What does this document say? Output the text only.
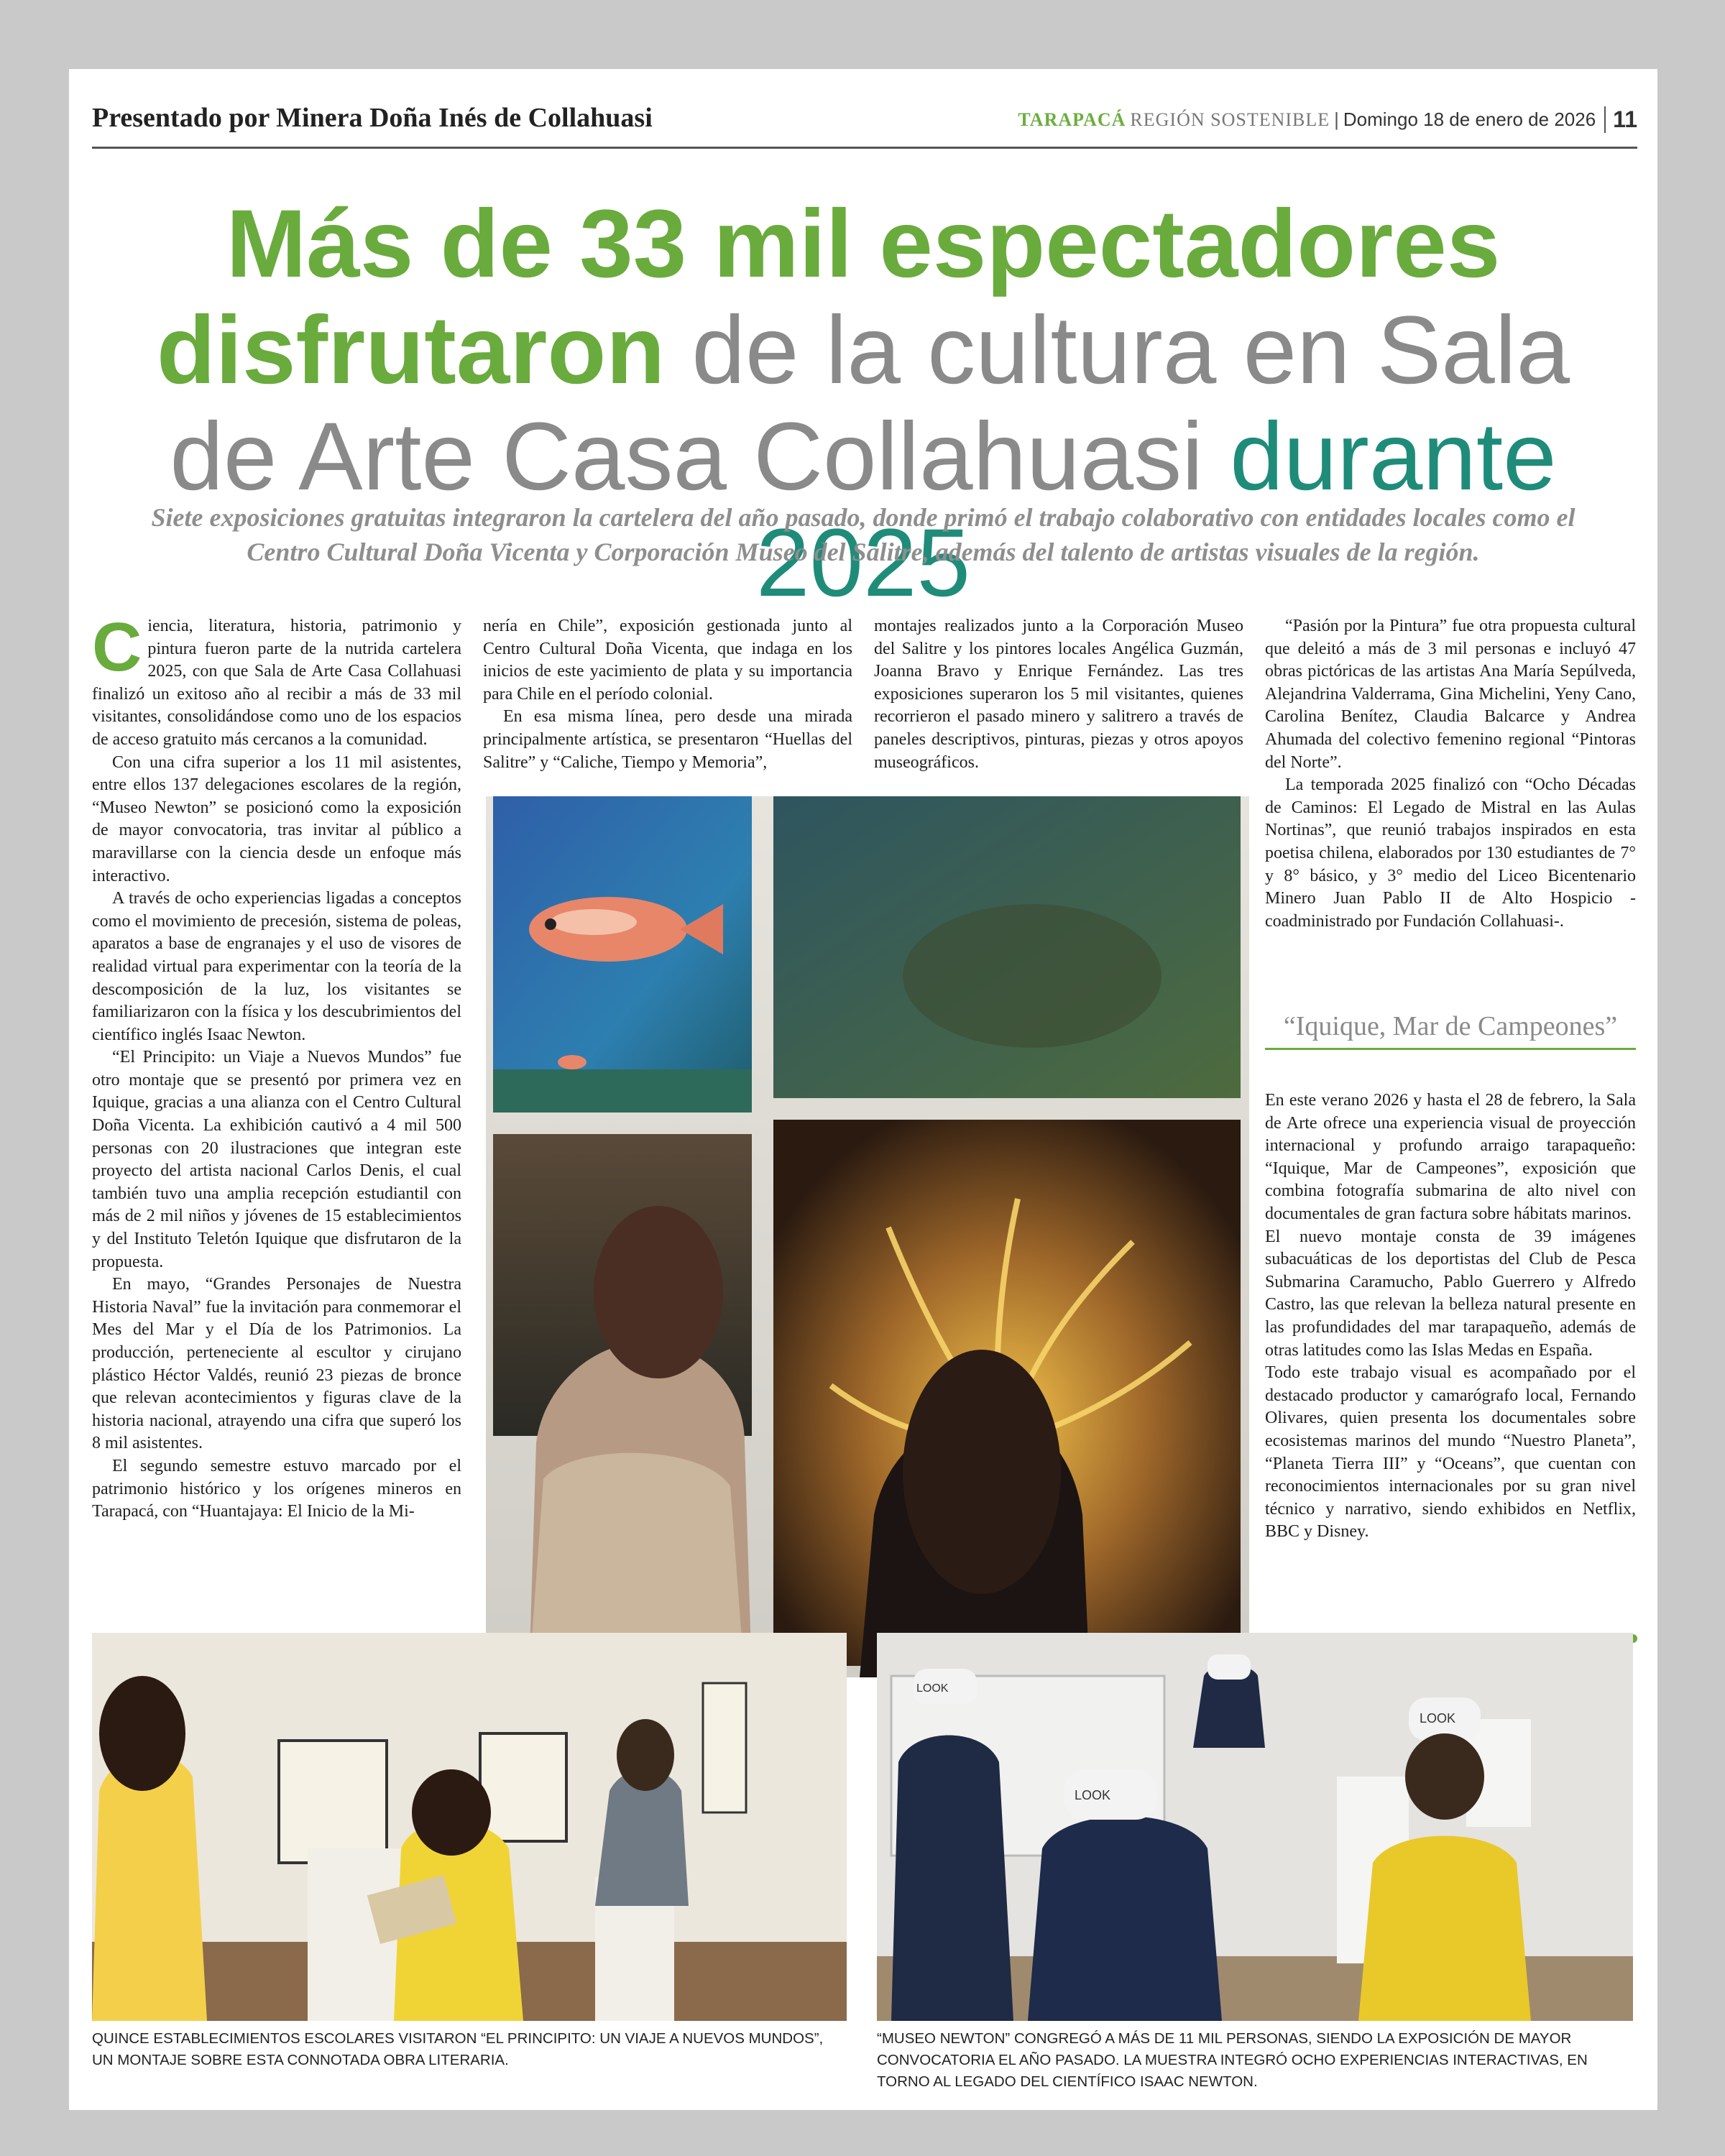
Presentado por Minera Doña Inés de Collahuasi	TARAPACÁ REGIÓN SOSTENIBLE | Domingo 18 de enero de 2026 11
Más de 33 mil espectadores disfrutaron de la cultura en Sala de Arte Casa Collahuasi durante 2025
Siete exposiciones gratuitas integraron la cartelera del año pasado, donde primó el trabajo colaborativo con entidades locales como el Centro Cultural Doña Vicenta y Corporación Museo del Salitre, además del talento de artistas visuales de la región.

Ciencia, literatura, historia, patrimonio y pintura fueron parte de la nutrida cartelera 2025, con que Sala de Arte Casa Collahuasi finalizó un exitoso año al recibir a más de 33 mil visitantes, consolidándose como uno de los espacios de acceso gratuito más cercanos a la comunidad.

Con una cifra superior a los 11 mil asistentes, entre ellos 137 delegaciones escolares de la región, “Museo Newton” se posicionó como la exposición de mayor convocatoria, tras invitar al público a maravillarse con la ciencia desde un enfoque más interactivo.

A través de ocho experiencias ligadas a conceptos como el movimiento de precesión, sistema de poleas, aparatos a base de engranajes y el uso de visores de realidad virtual para experimentar con la teoría de la descomposición de la luz, los visitantes se familiarizaron con la física y los descubrimientos del científico inglés Isaac Newton.

“El Principito: un Viaje a Nuevos Mundos” fue otro montaje que se presentó por primera vez en Iquique, gracias a una alianza con el Centro Cultural Doña Vicenta. La exhibición cautivó a 4 mil 500 personas con 20 ilustraciones que integran este proyecto del artista nacional Carlos Denis, el cual también tuvo una amplia recepción estudiantil con más de 2 mil niños y jóvenes de 15 establecimientos y del Instituto Teletón Iquique que disfrutaron de la propuesta.

En mayo, “Grandes Personajes de Nuestra Historia Naval” fue la invitación para conmemorar el Mes del Mar y el Día de los Patrimonios. La producción, perteneciente al escultor y cirujano plástico Héctor Valdés, reunió 23 piezas de bronce que relevan acontecimientos y figuras clave de la historia nacional, atrayendo una cifra que superó los 8 mil asistentes.

El segundo semestre estuvo marcado por el patrimonio histórico y los orígenes mineros en Tarapacá, con “Huantajaya: El Inicio de la Mi-

nería en Chile”, exposición gestionada junto al Centro Cultural Doña Vicenta, que indaga en los inicios de este yacimiento de plata y su importancia para Chile en el período colonial.

En esa misma línea, pero desde una mirada principalmente artística, se presentaron “Huellas del Salitre” y “Caliche, Tiempo y Memoria”,

montajes realizados junto a la Corporación Museo del Salitre y los pintores locales Angélica Guzmán, Joanna Bravo y Enrique Fernández. Las tres exposiciones superaron los 5 mil visitantes, quienes recorrieron el pasado minero y salitrero a través de paneles descriptivos, pinturas, piezas y otros apoyos museográficos.

“Pasión por la Pintura” fue otra propuesta cultural que deleitó a más de 3 mil personas e incluyó 47 obras pictóricas de las artistas Ana María Sepúlveda, Alejandrina Valderrama, Gina Michelini, Yeny Cano, Carolina Benítez, Claudia Balcarce y Andrea Ahumada del colectivo femenino regional “Pintoras del Norte”.

La temporada 2025 finalizó con “Ocho Décadas de Caminos: El Legado de Mistral en las Aulas Nortinas”, que reunió trabajos inspirados en esta poetisa chilena, elaborados por 130 estudiantes de 7° y 8° básico, y 3° medio del Liceo Bicentenario Minero Juan Pablo II de Alto Hospicio -coadministrado por Fundación Collahuasi-.

“Iquique, Mar de Campeones”

En este verano 2026 y hasta el 28 de febrero, la Sala de Arte ofrece una experiencia visual de proyección internacional y profundo arraigo tarapaqueño: “Iquique, Mar de Campeones”, exposición que combina fotografía submarina de alto nivel con documentales de gran factura sobre hábitats marinos.

El nuevo montaje consta de 39 imágenes subacuáticas de los deportistas del Club de Pesca Submarina Caramucho, Pablo Guerrero y Alfredo Castro, las que relevan la belleza natural presente en las profundidades del mar tarapaqueño, además de otras latitudes como las Islas Medas en España.

Todo este trabajo visual es acompañado por el destacado productor y camarógrafo local, Fernando Olivares, quien presenta los documentales sobre ecosistemas marinos del mundo “Nuestro Planeta”, “Planeta Tierra III” y “Oceans”, que cuentan con reconocimientos internacionales por su gran nivel técnico y narrativo, siendo exhibidos en Netflix, BBC y Disney.

LOOK
LOOK
LOOK
QUINCE ESTABLECIMIENTOS ESCOLARES VISITARON “EL PRINCIPITO: UN VIAJE A NUEVOS MUNDOS”, UN MONTAJE SOBRE ESTA CONNOTADA OBRA LITERARIA.
“MUSEO NEWTON” CONGREGÓ A MÁS DE 11 MIL PERSONAS, SIENDO LA EXPOSICIÓN DE MAYOR CONVOCATORIA EL AÑO PASADO. LA MUESTRA INTEGRÓ OCHO EXPERIENCIAS INTERACTIVAS, EN TORNO AL LEGADO DEL CIENTÍFICO ISAAC NEWTON.
